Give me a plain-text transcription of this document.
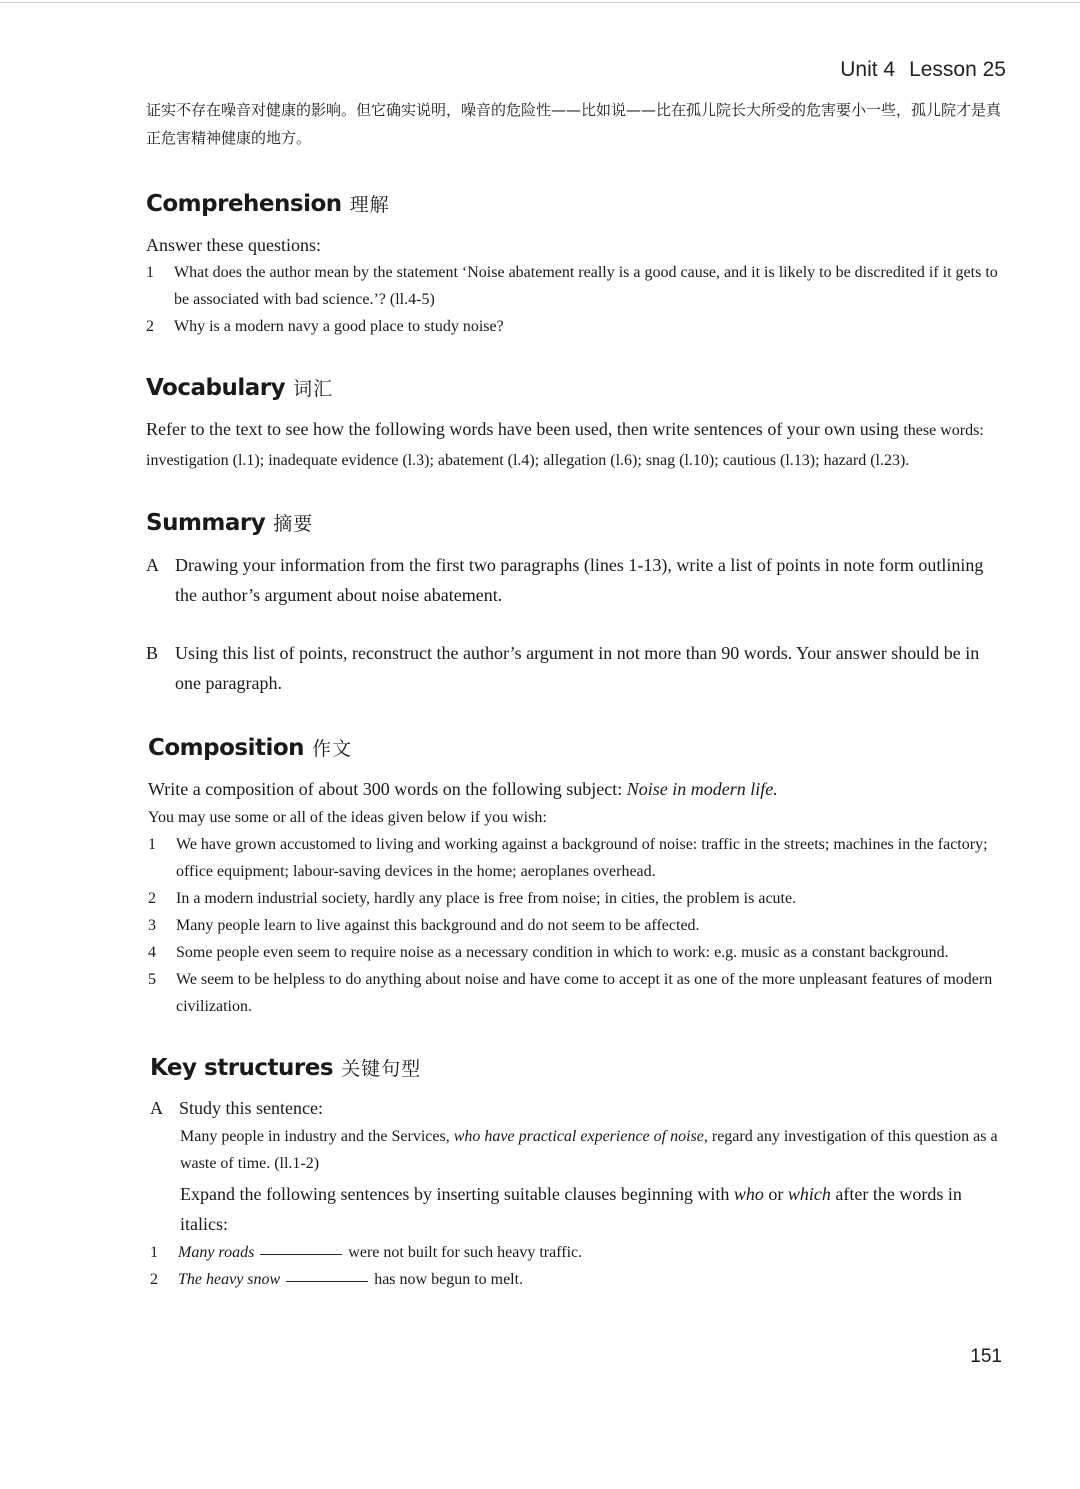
Unit 4 Lesson 25

证实不存在噪音对健康的影响。但它确实说明，噪音的危险性——比如说——比在孤儿院长大所受的危害要小一些，孤儿院才是真正危害精神健康的地方。

Comprehension 理解

Answer these questions:

1 What does the author mean by the statement ‘Noise abatement really is a good cause, and it is likely to be discredited if it gets to be associated with bad science.’? (ll.4-5)
2 Why is a modern navy a good place to study noise?
Vocabulary 词汇

Refer to the text to see how the following words have been used, then write sentences of your own using these words: investigation (l.1); inadequate evidence (l.3); abatement (l.4); allegation (l.6); snag (l.10); cautious (l.13); hazard (l.23).

Summary 摘要

A Drawing your information from the first two paragraphs (lines 1-13), write a list of points in note form outlining the author’s argument about noise abatement.

B Using this list of points, reconstruct the author’s argument in not more than 90 words. Your answer should be in one paragraph.

Composition 作文

Write a composition of about 300 words on the following subject: Noise in modern life.

You may use some or all of the ideas given below if you wish:

1 We have grown accustomed to living and working against a background of noise: traffic in the streets; machines in the factory; office equipment; labour-saving devices in the home; aeroplanes overhead.
2 In a modern industrial society, hardly any place is free from noise; in cities, the problem is acute.
3 Many people learn to live against this background and do not seem to be affected.
4 Some people even seem to require noise as a necessary condition in which to work: e.g. music as a constant background.
5 We seem to be helpless to do anything about noise and have come to accept it as one of the more unpleasant features of modern civilization.
Key structures 关键句型

A Study this sentence:

Many people in industry and the Services, who have practical experience of noise, regard any investigation of this question as a waste of time. (ll.1-2)

Expand the following sentences by inserting suitable clauses beginning with who or which after the words in italics:

1 Many roads	were not built for such heavy traffic.
2 The heavy snow	has now begun to melt.
151
